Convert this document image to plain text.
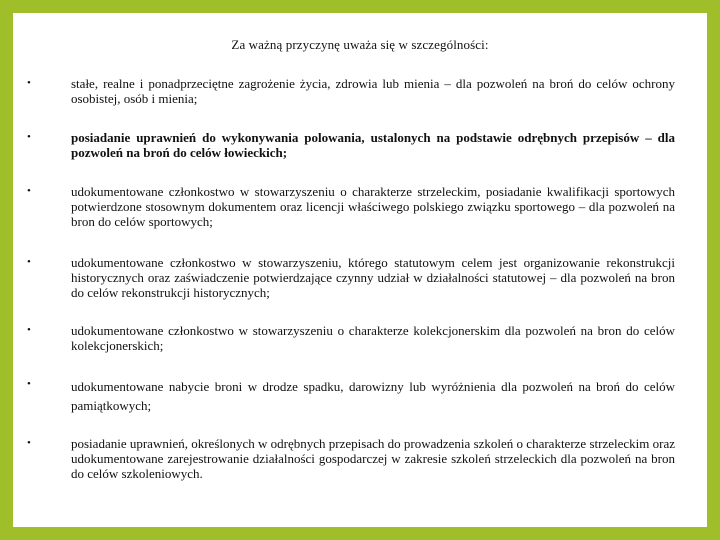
Za ważną przyczynę uważa się w szczególności:
•	stałe, realne i ponadprzeciętne zagrożenie życia, zdrowia lub mienia – dla pozwoleń na broń do celów ochrony osobistej, osób i mienia;
•	posiadanie uprawnień do wykonywania polowania, ustalonych na podstawie odrębnych przepisów – dla pozwoleń na broń do celów łowieckich;
•	udokumentowane członkostwo w stowarzyszeniu o charakterze strzeleckim, posiadanie kwalifikacji sportowych potwierdzone stosownym dokumentem oraz licencji właściwego polskiego związku sportowego – dla pozwoleń na bron do celów sportowych;
•	udokumentowane członkostwo w stowarzyszeniu, którego statutowym celem jest organizowanie rekonstrukcji historycznych oraz zaświadczenie potwierdzające czynny udział w działalności statutowej – dla pozwoleń na bron do celów rekonstrukcji historycznych;
•	udokumentowane członkostwo w stowarzyszeniu o charakterze kolekcjonerskim dla pozwoleń na bron do celów kolekcjonerskich;
•	udokumentowane nabycie broni w drodze spadku, darowizny lub wyróżnienia dla pozwoleń na broń do celów pamiątkowych;
•	posiadanie uprawnień, określonych w odrębnych przepisach do prowadzenia szkoleń o charakterze strzeleckim oraz udokumentowane zarejestrowanie działalności gospodarczej w zakresie szkoleń strzeleckich dla pozwoleń na bron do celów szkoleniowych.
